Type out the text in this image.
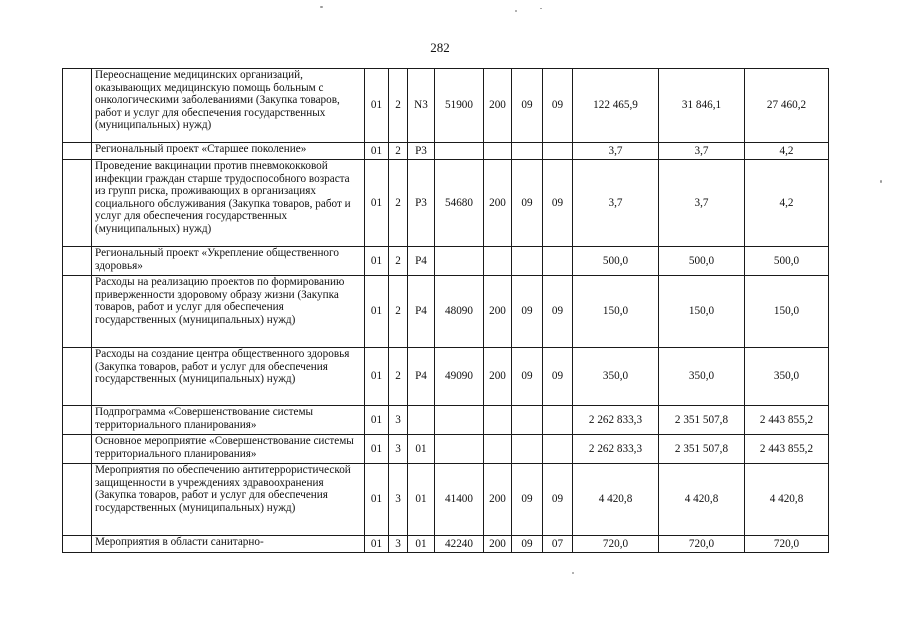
282
	Переоснащение медицинских организаций, оказывающих медицинскую помощь больным с онкологическими заболеваниями (Закупка товаров, работ и услуг для обеспечения государственных (муниципальных) нужд)	01	2	N3	51900	200	09	09	122 465,9	31 846,1	27 460,2
	Региональный проект «Старшее поколение»	01	2	P3					3,7	3,7	4,2
	Проведение вакцинации против пневмококковой инфекции граждан старше трудоспособного возраста из групп риска, проживающих в организациях социального обслуживания (Закупка товаров, работ и услуг для обеспечения государственных (муниципальных) нужд)	01	2	P3	54680	200	09	09	3,7	3,7	4,2
	Региональный проект «Укрепление общественного здоровья»	01	2	P4					500,0	500,0	500,0
	Расходы на реализацию проектов по формированию приверженности здоровому образу жизни (Закупка товаров, работ и услуг для обеспечения государственных (муниципальных) нужд)	01	2	P4	48090	200	09	09	150,0	150,0	150,0
	Расходы на создание центра общественного здоровья (Закупка товаров, работ и услуг для обеспечения государственных (муниципальных) нужд)	01	2	P4	49090	200	09	09	350,0	350,0	350,0
	Подпрограмма «Совершенствование системы территориального планирования»	01	3						2 262 833,3	2 351 507,8	2 443 855,2
	Основное мероприятие «Совершенствование системы территориального планирования»	01	3	01					2 262 833,3	2 351 507,8	2 443 855,2
	Мероприятия по обеспечению антитеррористической защищенности в учреждениях здравоохранения (Закупка товаров, работ и услуг для обеспечения государственных (муниципальных) нужд)	01	3	01	41400	200	09	09	4 420,8	4 420,8	4 420,8
	Мероприятия в области санитарно-	01	3	01	42240	200	09	07	720,0	720,0	720,0
